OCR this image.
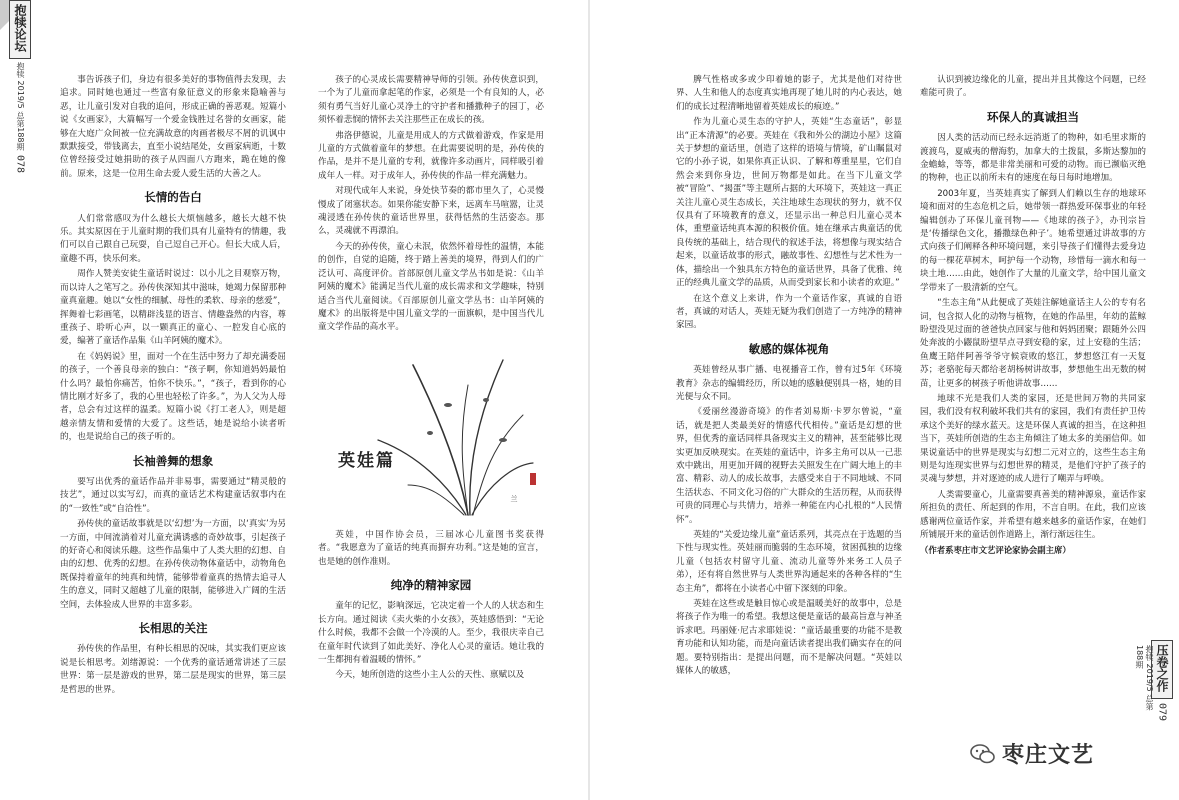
抱犊论坛
抱犊 2019/5 总第188期
078
抱犊 2019/5 总第188期 压卷之作
079

事告诉孩子们，身边有很多美好的事物值得去发现，去追求。同时她也通过一些富有象征意义的形象来隐喻善与恶，让儿童引发对自我的追问，形成正确的善恶观。短篇小说《女画家》，大篇幅写一个爱金钱胜过名誉的女画家，能够在大庭广众间被一位充满故意的肉画者极尽不屑的讥讽中默默接受，带钱离去，直至小说结尾处，女画家病逝，十数位曾经接受过她捐助的孩子从四面八方跑来，跪在她的像前。原来，这是一位用生命去爱人爱生活的大善之人。

长情的告白

人们常常感叹为什么越长大烦恼越多，越长大越不快乐。其实原因在于儿童时期的我们具有儿童特有的情趣，我们可以自己跟自己玩耍，自己逗自己开心。但长大成人后，童趣不再，快乐何来。

周作人赞美安徒生童话时说过：以小儿之目观察万物，而以诗人之笔写之。孙传侠深知其中滋味，她竭力保留那种童真童趣。她以“女性的细腻、母性的柔软、母亲的慈爱”，挥舞着七彩画笔，以精辟浅显的语言、情趣盎然的内容，尊重孩子、聆听心声，以一颗真正的童心、一腔发自心底的爱，编著了童话作品集《山羊阿姨的魔术》。

在《妈妈说》里，面对一个在生活中努力了却充满委屈的孩子，一个善良母亲的独白：“孩子啊，你知道妈妈最怕什么吗？最怕你痛苦，怕你不快乐。”，“孩子，看到你的心情比刚才好多了，我的心里也轻松了许多。”，为人父为人母者，总会有过这样的温柔。短篇小说《打工老人》，则是超越亲情友情和爱情的大爱了。这些话，她是说给小读者听的，也是说给自己的孩子听的。

长袖善舞的想象

要写出优秀的童话作品并非易事，需要通过“精灵般的技艺”，通过以实写幻，而真的童话艺术构建童话叙事内在的“一致性”或“自洽性”。

孙传侠的童话故事就是以‘幻想’为一方面，以‘真实’为另一方面，中间流淌着对儿童充满诱惑的奇妙故事，引起孩子的好奇心和阅读乐趣。这些作品集中了人类大胆的幻想、自由的幻想、优秀的幻想。在孙传侠动物体童话中，动物角色既保持着童年的纯真和纯情，能够带着童真的热情去追寻人生的意义，同时又超越了儿童的限制，能够进入广阔的生活空间，去体验成人世界的丰富多彩。

长相思的关注

孙传侠的作品里，有种长相思的况味，其实我们更应该说是长相思考。刘绪源说：一个优秀的童话通常讲述了三层世界：第一层是游戏的世界，第二层是现实的世界，第三层是哲思的世界。

孩子的心灵成长需要精神导师的引领。孙传侠意识到，一个为了儿童而拿起笔的作家，必须是一个有良知的人，必须有勇气当好儿童心灵净土的守护者和播撒种子的园丁，必须怀着悲悯的情怀去关注那些正在成长的孩。

弗洛伊德说，儿童是用成人的方式做着游戏，作家是用儿童的方式做着童年的梦想。在此需要说明的是，孙传侠的作品，是并不是儿童的专利，就像许多动画片，同样吸引着成年人一样。对于成年人，孙传侠的作品一样充满魅力。

对现代成年人来说，身处快节奏的都市里久了，心灵慢慢成了闭塞状态。如果你能安静下来，远离车马喧嚣，让灵魂浸透在孙传侠的童话世界里，获得恬然的生活姿态。那么，灵魂就不再漂泊。

今天的孙传侠，童心未泯，依然怀着母性的温情，本能的创作，自觉的追随，终于踏上善美的境界，得到人们的广泛认可、高度评价。首部原创儿童文学丛书如是说：《山羊阿姨的魔术》能满足当代儿童的成长需求和文学趣味，特别适合当代儿童阅读。《百部原创儿童文学丛书：山羊阿姨的魔术》的出版将是中国儿童文学的一面旗帜，是中国当代儿童文学作品的高水平。

兰
英娃篇

英娃，中国作协会员，三届冰心儿童图书奖获得者。“我愿意为了童话的纯真而摒弃功利。”这是她的宣言，也是她的创作准则。

纯净的精神家园

童年的记忆，影响深远，它决定着一个人的人状态和生长方向。通过阅读《卖火柴的小女孩》，英娃感悟到：“无论什么时候，我都不会做一个冷漠的人。至少，我很庆幸自己在童年时代读到了如此美好、净化人心灵的童话。她让我的一生都拥有着温暖的情怀。”

今天，她所创造的这些小主人公的天性、禀赋以及

脾气性格或多或少印着她的影子，尤其是他们对待世界、人生和他人的态度真实地再现了她儿时的内心表达，她们的成长过程清晰地留着英娃成长的痕迹。”

作为儿童心灵生态的守护人，英娃“生态童话”，彰显出“正本清源”的必要。英娃在《我和外公的湖边小屋》这篇关于梦想的童话里，创造了这样的语境与情境，矿山瞩鼠对它的小孙子说，如果你真正认识、了解和尊重星星，它们自然会来到你身边，世间万物都是如此。在当下儿童文学被“冒险”、“揭蛋”等主题所占据的大环境下，英娃这一真正关注儿童心灵生态成长，关注地球生态现状的努力，就不仅仅具有了环境教育的意义，还显示出一种总归儿童心灵本体，重塑童话纯真本源的积极价值。她在继承古典童话的优良传统的基础上，结合现代的叙述手法，将想像与现实结合起来，以童话故事的形式，融故事性、幻想性与艺术性为一体，描绘出一个独具东方特色的童话世界，具备了优雅、纯正的经典儿童文学的品质，从而受到家长和小读者的欢迎。”

在这个意义上来讲，作为一个童话作家，真诚的自语者，真诚的对话人，英娃无疑为我们创造了一方纯净的精神家园。

敏感的媒体视角

英娃曾经从事广播、电视播音工作，曾有过5年《环境教育》杂志的编辑经历，所以她的感触便别具一格，她的目光便与众不同。

《爱丽丝漫游奇境》的作者刘易斯·卡罗尔曾说，“童话，就是把人类最美好的情感代代相传。”童话是幻想的世界，但优秀的童话同样具备现实主义的精神，甚至能够比现实更加反映现实。在英娃的童话中，许多主角可以从一己悲欢中跳出，用更加开阔的视野去关照发生在广阔大地上的丰富、精彩、动人的成长故事，去感受来自于不同地域、不同生活状态、不同文化习俗的广大群众的生活历程，从而获得可贵的同理心与共情力，培养一种能在内心扎根的“人民情怀”。

英娃的“关爱边缘儿童”童话系列，其亮点在于选题的当下性与现实性。英娃丽而脆弱的生态环境，贫困孤独的边缘儿童（包括农村留守儿童、流动儿童等外来务工人员子弟），还有将自然世界与人类世界沟通起来的各种各样的“生态主角”，都将在小读者心中留下深刻的印象。

英娃在这些或是触目惊心或是温暖美好的故事中，总是将孩子作为唯一的希望。我想这便是童话的最高旨意与神圣诉求吧。玛丽娅·尼古求耶娃说：“童话最重要的功能不是教育功能和认知功能，而是向童话读者提出我们确实存在的问题。要特别指出：是提出问题，而不是解决问题。“英娃以媒体人的敏感，

认识到被边缘化的儿童，提出并且其像这个问题，已经难能可贵了。

环保人的真诚担当

因人类的活动而已经永远消逝了的物种，如毛里求斯的渡渡鸟，夏威夷的僧海豹，加拿大的土拨鼠，多斯达黎加的金蟾蜍，等等，都是非常美丽和可爱的动物。而已濒临灭绝的物种，也正以前所未有的速度在每日每时地增加。

2003年夏，当英娃真实了解到人们赖以生存的地球环境和面对的生态危机之后，她带领一群热爱环保事业的年轻编辑创办了环保儿童刊物——《地球的孩子》，办刊宗旨是‘传播绿色文化，播撒绿色种子’。她希望通过讲故事的方式向孩子们阐释各种环境问题，来引导孩子们懂得去爱身边的每一棵花草树木，呵护每一个动物，珍惜每一滴水和每一块土地……由此，她创作了大量的儿童文学，给中国儿童文学带来了一股清新的空气。

“生态主角”从此便成了英娃注解她童话主人公的专有名词，包含拟人化的动物与植物，在她的作品里，年幼的蓝鲸盼望没见过面的爸爸快点回家与他和妈妈团聚；跟随外公四处奔波的小鼹鼠盼望早点寻到安稳的家，过上安稳的生活；鱼鹰王陪伴阿善爷爷守候衰败的悠江，梦想悠江有一天复苏；老骆驼每天都给老胡杨树讲故事，梦想他生出无数的树苗，让更多的树孩子听他讲故事……

地球不光是我们人类的家园，还是世间万物的共同家园，我们没有权利破坏我们共有的家园，我们有责任护卫传承这个美好的绿水蓝天。这是环保人真诚的担当，在这种担当下，英娃所创造的生态主角倾注了她太多的美丽信仰。如果说童话中的世界是现实与幻想二元对立的，这些生态主角则是勾连现实世界与幻想世界的精灵，是他们守护了孩子的灵魂与梦想，并对逐迹的成人进行了嘲弄与呼唤。

人类需要童心，儿童需要真善美的精神源泉，童话作家所担负的责任、所起到的作用，不言自明。在此，我们应该感谢两位童话作家，并希望有越来越多的童话作家，在她们所铺展开来的童话创作道路上，渐行渐远往生。

（作者系枣庄市文艺评论家协会副主席）

枣庄文艺
